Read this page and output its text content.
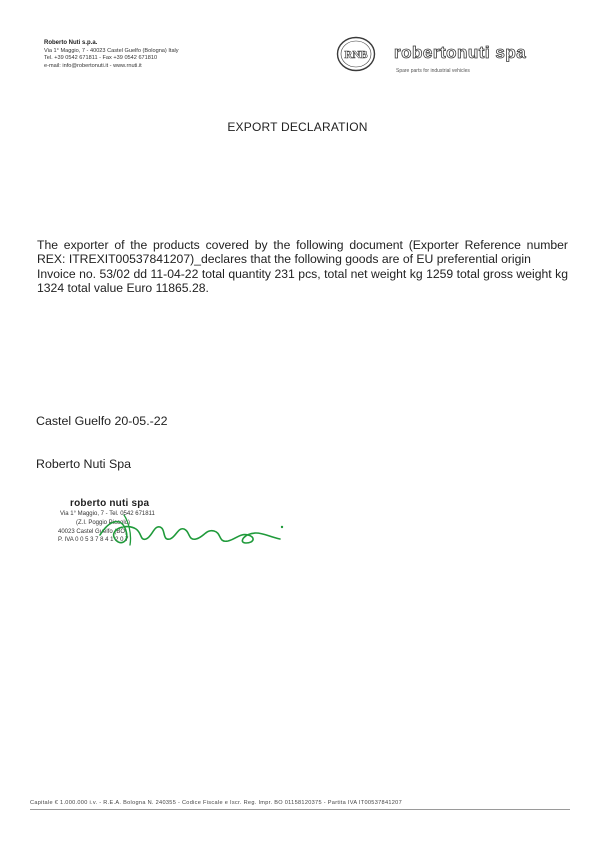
Roberto Nuti s.p.a.
Via 1° Maggio, 7 - 40023 Castel Guelfo (Bologna) Italy
Tel. +39 0542 671811 - Fax +39 0542 671810
e-mail: info@robertonuti.it - www.rnuti.it
RNB robertonuti spa
Spare parts for industrial vehicles
EXPORT DECLARATION

The exporter of the products covered by the following document (Exporter Reference number REX: ITREXIT00537841207)_declares that the following goods are of EU preferential origin

Invoice no. 53/02 dd 11-04-22 total quantity 231 pcs, total net weight kg 1259 total gross weight kg 1324 total value Euro 11865.28.

Castel Guelfo 20-05.-22
Roberto Nuti Spa
roberto nuti spa
Via 1° Maggio, 7 - Tel. 0542 671811
(Z.I. Poggio Piccolo)
40023 Castel Guelfo (BO)
P. IVA 0 0 5 3 7 8 4 1 2 0 7
Capitale € 1.000.000 i.v. - R.E.A. Bologna N. 240355 - Codice Fiscale e Iscr. Reg. Impr. BO 01158120375 - Partita IVA IT00537841207
